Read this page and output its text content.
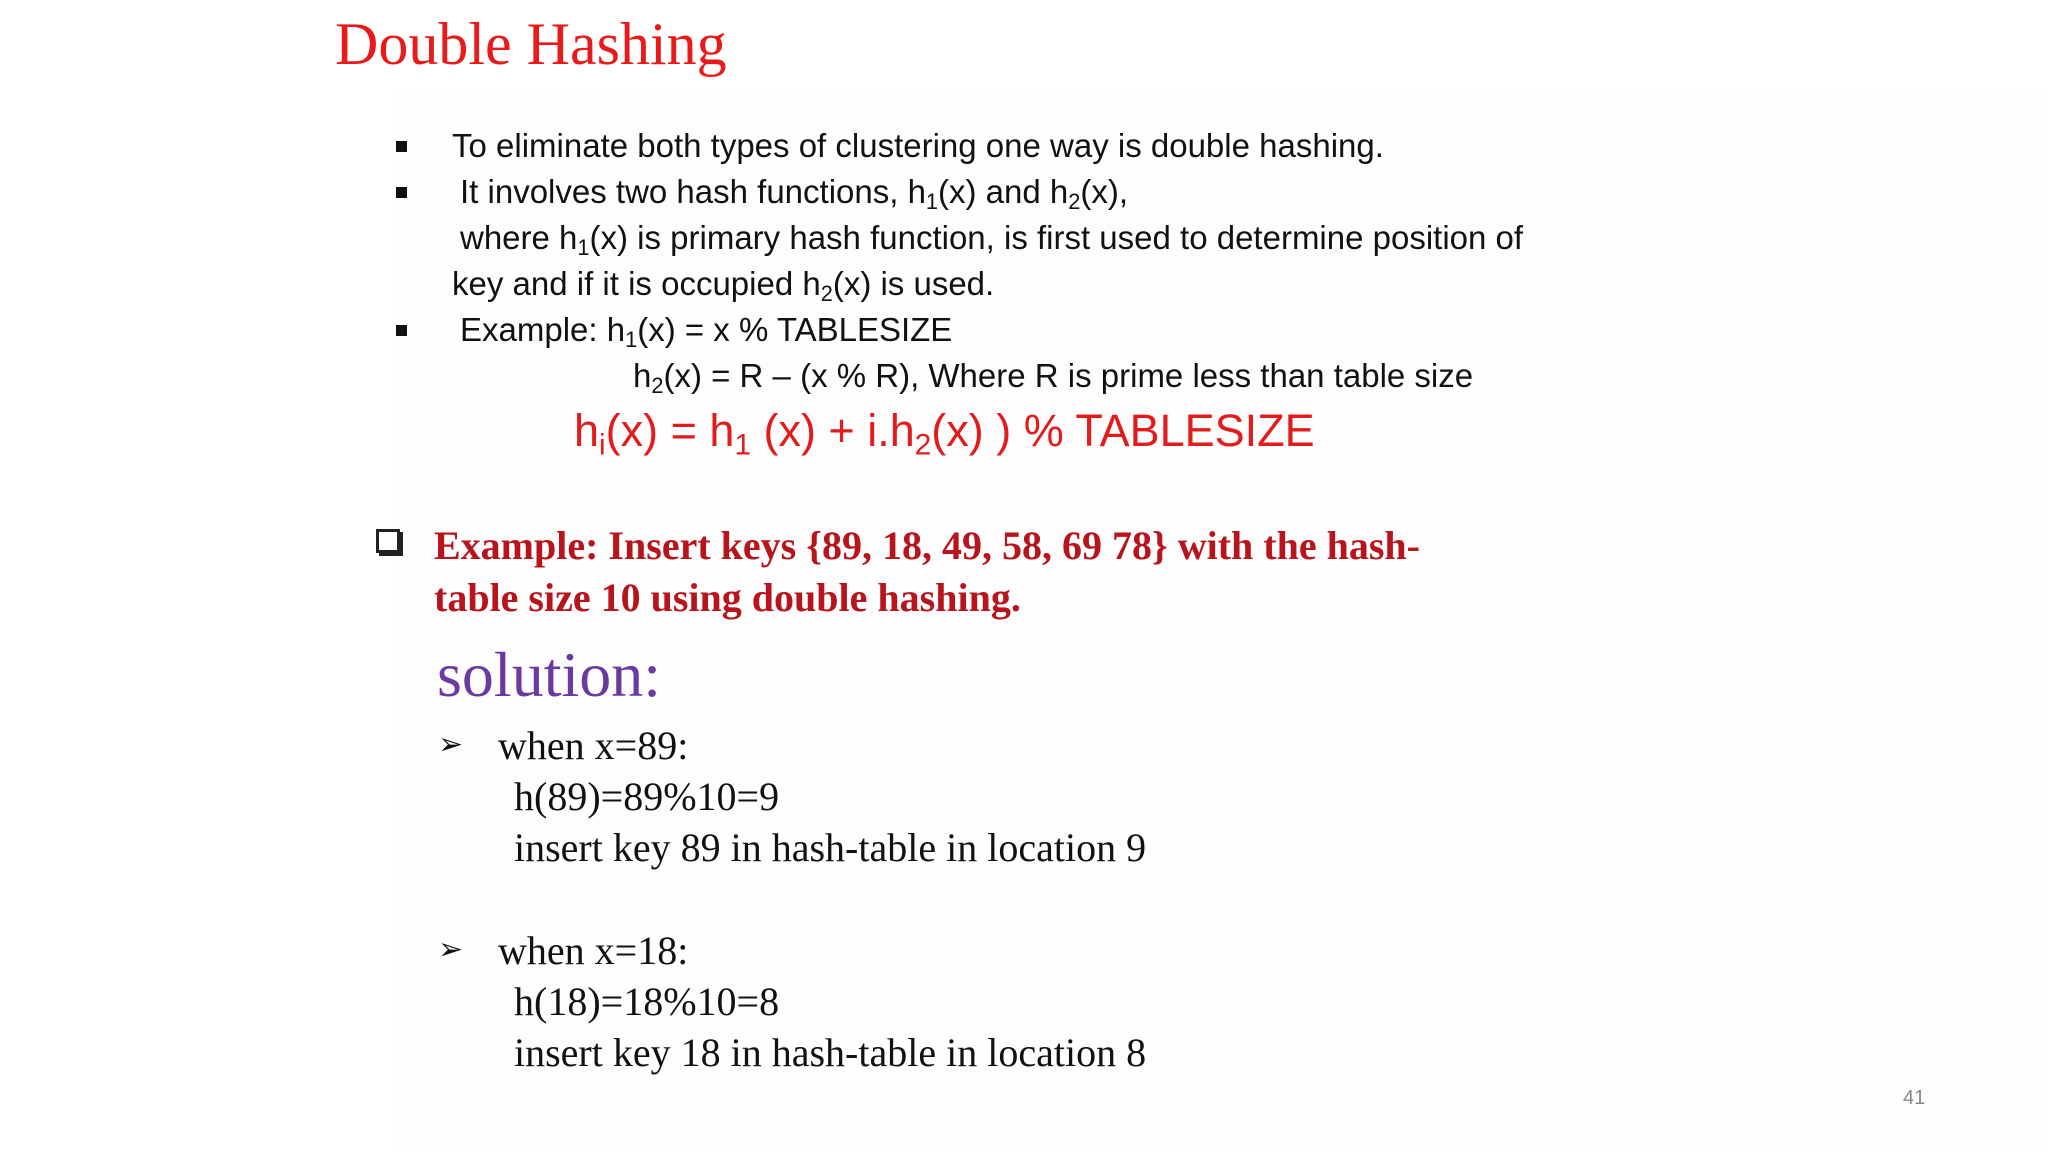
Double Hashing
To eliminate both types of clustering one way is double hashing.
It involves two hash functions, $h_1(x)$ and $h_2(x)$,
where $h_1(x)$ is primary hash function, is first used to determine position of
key and if it is occupied $h_2(x)$ is used.
Example: $h_1(x) = x$ % TABLESIZE
$h_2(x) = R - (x$ % R), Where R is prime less than table size
$h_i(x) = h_1$ $(x) + i.h_2(x)$ ) % TABLESIZE
Example: Insert keys {89, 18, 49, 58, 69 78} with the hash-
table size 10 using double hashing.
solution:
➢ when x=89:
h(89)=89%10=9
insert key 89 in hash-table in location 9
➢ when x=18:
h(18)=18%10=8
insert key 18 in hash-table in location 8
41
